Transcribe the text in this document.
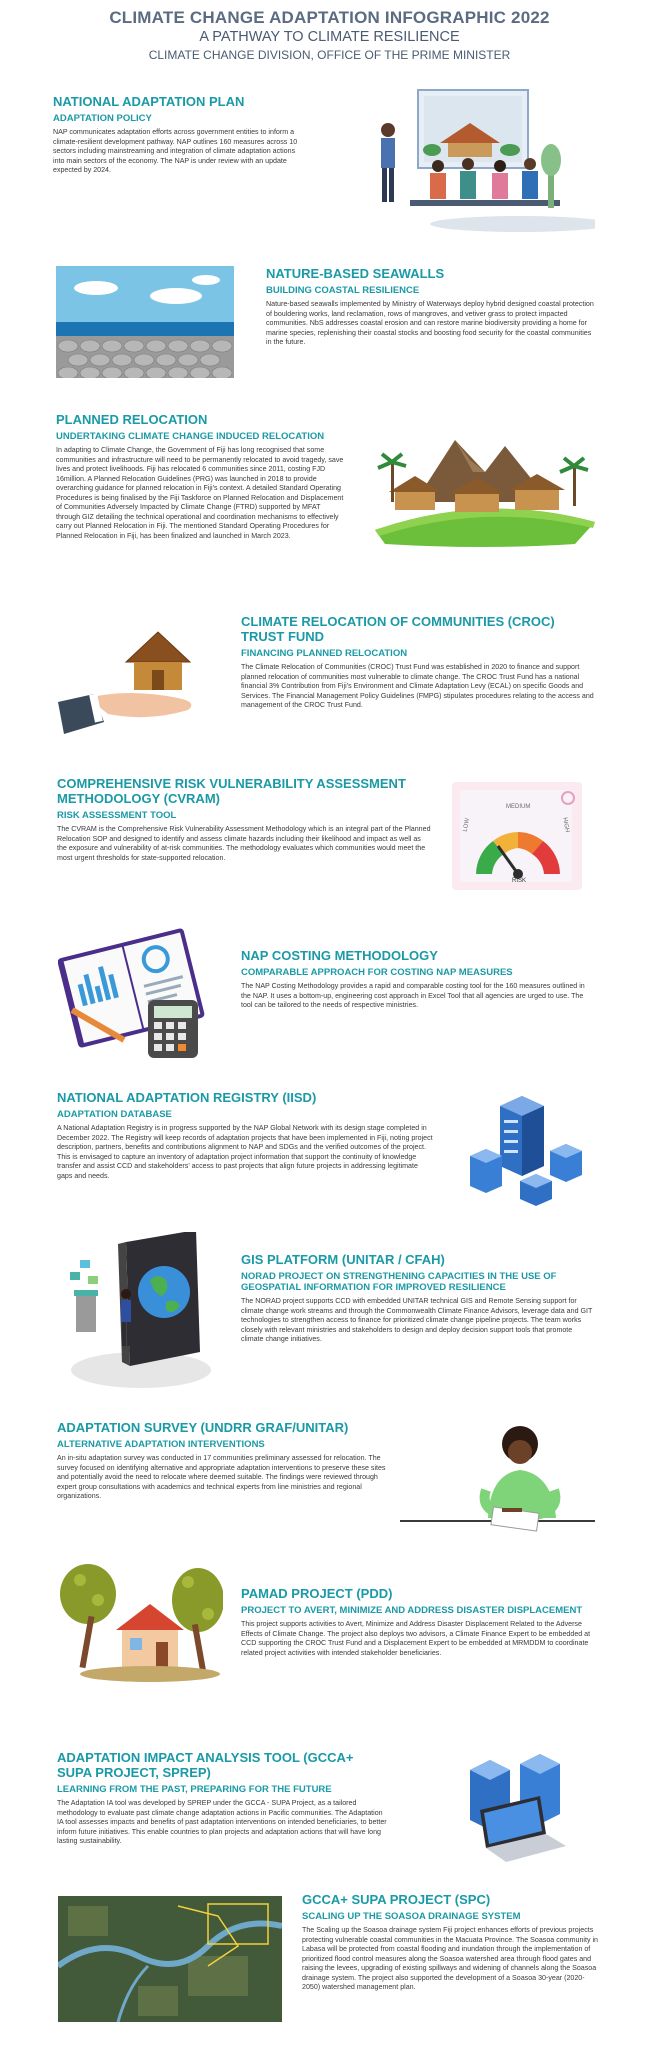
CLIMATE CHANGE ADAPTATION INFOGRAPHIC 2022
A PATHWAY TO CLIMATE RESILIENCE
CLIMATE CHANGE DIVISION, OFFICE OF THE PRIME MINISTER
NATIONAL ADAPTATION PLAN
ADAPTATION POLICY

NAP communicates adaptation efforts across government entities to inform a climate-resilient development pathway. NAP outlines 160 measures across 10 sectors including mainstreaming and integration of climate adaptation actions into main sectors of the economy. The NAP is under review with an update expected by 2024.

NATURE-BASED SEAWALLS
BUILDING COASTAL RESILIENCE

Nature-based seawalls implemented by Ministry of Waterways deploy hybrid designed coastal protection of bouldering works, land reclamation, rows of mangroves, and vetiver grass to protect impacted communities. NbS addresses coastal erosion and can restore marine biodiversity providing a home for marine species, replenishing their coastal stocks and boosting food security for the coastal communities in the future.

PLANNED RELOCATION
UNDERTAKING CLIMATE CHANGE INDUCED RELOCATION

In adapting to Climate Change, the Government of Fiji has long recognised that some communities and infrastructure will need to be permanently relocated to avoid tragedy, save lives and protect livelihoods. Fiji has relocated 6 communities since 2011, costing FJD 16million. A Planned Relocation Guidelines (PRG) was launched in 2018 to provide overarching guidance for planned relocation in Fiji’s context. A detailed Standard Operating Procedures is being finalised by the Fiji Taskforce on Planned Relocation and Displacement of Communities Adversely Impacted by Climate Change (FTRD) supported by MFAT through GIZ detailing the technical operational and coordination mechanisms to effectively carry out Planned Relocation in Fiji. The mentioned Standard Operating Procedures for Planned Relocation in Fiji, has been finalized and launched in March 2023.

CLIMATE RELOCATION OF COMMUNITIES (CROC) TRUST FUND
FINANCING PLANNED RELOCATION

The Climate Relocation of Communities (CROC) Trust Fund was established in 2020 to finance and support planned relocation of communities most vulnerable to climate change. The CROC Trust Fund has a national financial 3% Contribution from Fiji’s Environment and Climate Adaptation Levy (ECAL) on specific Goods and Services. The Financial Management Policy Guidelines (FMPG) stipulates procedures relating to the access and management of the CROC Trust Fund.

COMPREHENSIVE RISK VULNERABILITY ASSESSMENT METHODOLOGY (CVRAM)
RISK ASSESSMENT TOOL

The CVRAM is the Comprehensive Risk Vulnerability Assessment Methodology which is an integral part of the Planned Relocation SOP and designed to identify and assess climate hazards including their likelihood and impact as well as the exposure and vulnerability of at-risk communities. The methodology evaluates which communities would meet the most urgent thresholds for state-supported relocation.

LOW
MEDIUM
HIGH
RISK
NAP COSTING METHODOLOGY
COMPARABLE APPROACH FOR COSTING NAP MEASURES

The NAP Costing Methodology provides a rapid and comparable costing tool for the 160 measures outlined in the NAP. It uses a bottom-up, engineering cost approach in Excel Tool that all agencies are urged to use. The tool can be tailored to the needs of respective ministries.

NATIONAL ADAPTATION REGISTRY (IISD)
ADAPTATION DATABASE

A National Adaptation Registry is in progress supported by the NAP Global Network with its design stage completed in December 2022. The Registry will keep records of adaptation projects that have been implemented in Fiji, noting project description, partners, benefits and contributions alignment to NAP and SDGs and the verified outcomes of the project. This is envisaged to capture an inventory of adaptation project information that support the continuity of knowledge transfer and assist CCD and stakeholders’ access to past projects that align future projects in addressing legitimate gaps and needs.

GIS PLATFORM (UNITAR / CFAH)
NORAD PROJECT ON STRENGTHENING CAPACITIES IN THE USE OF GEOSPATIAL INFORMATION FOR IMPROVED RESILIENCE

The NORAD project supports CCD with embedded UNITAR technical GIS and Remote Sensing support for climate change work streams and through the Commonwealth Climate Finance Advisors, leverage data and GIT technologies to strengthen access to finance for prioritized climate change pipeline projects. The team works closely with relevant ministries and stakeholders to design and deploy decision support tools that promote climate change initiatives.

ADAPTATION SURVEY (UNDRR GRAF/UNITAR)
ALTERNATIVE ADAPTATION INTERVENTIONS

An in-situ adaptation survey was conducted in 17 communities preliminary assessed for relocation. The survey focused on identifying alternative and appropriate adaptation interventions to preserve these sites and potentially avoid the need to relocate where deemed suitable. The findings were reviewed through expert group consultations with academics and technical experts from line ministries and regional organizations.

PAMAD PROJECT (PDD)
PROJECT TO AVERT, MINIMIZE AND ADDRESS DISASTER DISPLACEMENT

This project supports activities to Avert, Minimize and Address Disaster Displacement Related to the Adverse Effects of Climate Change. The project also deploys two advisors, a Climate Finance Expert to be embedded at CCD supporting the CROC Trust Fund and a Displacement Expert to be embedded at MRMDDM to coordinate related project activities with intended stakeholder beneficiaries.

ADAPTATION IMPACT ANALYSIS TOOL (GCCA+ SUPA PROJECT, SPREP)
LEARNING FROM THE PAST, PREPARING FOR THE FUTURE

The Adaptation IA tool was developed by SPREP under the GCCA - SUPA Project, as a tailored methodology to evaluate past climate change adaptation actions in Pacific communities. The Adaptation IA tool assesses impacts and benefits of past adaptation interventions on intended beneficiaries, to better inform future initiatives. This enable countries to plan projects and adaptation actions that will have long lasting sustainability.

GCCA+ SUPA PROJECT (SPC)
SCALING UP THE SOASOA DRAINAGE SYSTEM

The Scaling up the Soasoa drainage system Fiji project enhances efforts of previous projects protecting vulnerable coastal communities in the Macuata Province. The Soasoa community in Labasa will be protected from coastal flooding and inundation through the implementation of prioritized flood control measures along the Soasoa watershed area through flood gates and raising the levees, upgrading of existing spillways and widening of channels along the Soasoa drainage system. The project also supported the development of a Soasoa 30-year (2020-2050) watershed management plan.
